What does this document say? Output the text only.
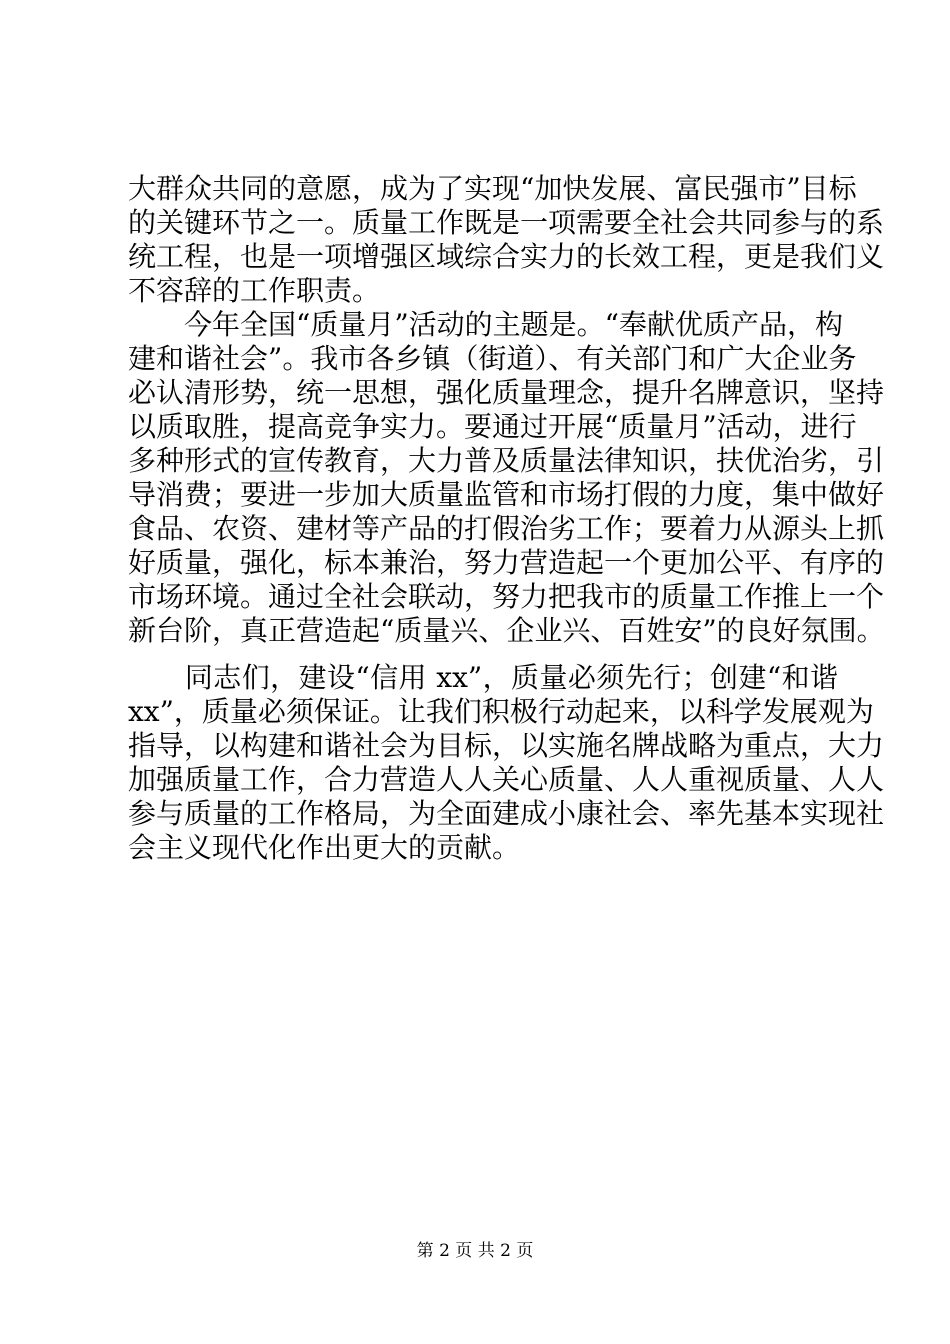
大群众共同的意愿，成为了实现“加快发展、富民强市”目标
的关键环节之一。质量工作既是一项需要全社会共同参与的系
统工程，也是一项增强区域综合实力的长效工程，更是我们义
不容辞的工作职责。
　　今年全国“质量月”活动的主题是。“奉献优质产品，构
建和谐社会”。我市各乡镇（街道）、有关部门和广大企业务
必认清形势，统一思想，强化质量理念，提升名牌意识，坚持
以质取胜，提高竞争实力。要通过开展“质量月”活动，进行
多种形式的宣传教育，大力普及质量法律知识，扶优治劣，引
导消费；要进一步加大质量监管和市场打假的力度，集中做好
食品、农资、建材等产品的打假治劣工作；要着力从源头上抓
好质量，强化，标本兼治，努力营造起一个更加公平、有序的
市场环境。通过全社会联动，努力把我市的质量工作推上一个
新台阶，真正营造起“质量兴、企业兴、百姓安”的良好氛围。
　　同志们，建设“信用 xx”，质量必须先行；创建“和谐
xx”，质量必须保证。让我们积极行动起来，以科学发展观为
指导，以构建和谐社会为目标，以实施名牌战略为重点，大力
加强质量工作，合力营造人人关心质量、人人重视质量、人人
参与质量的工作格局，为全面建成小康社会、率先基本实现社
会主义现代化作出更大的贡献。
第 2 页 共 2 页
